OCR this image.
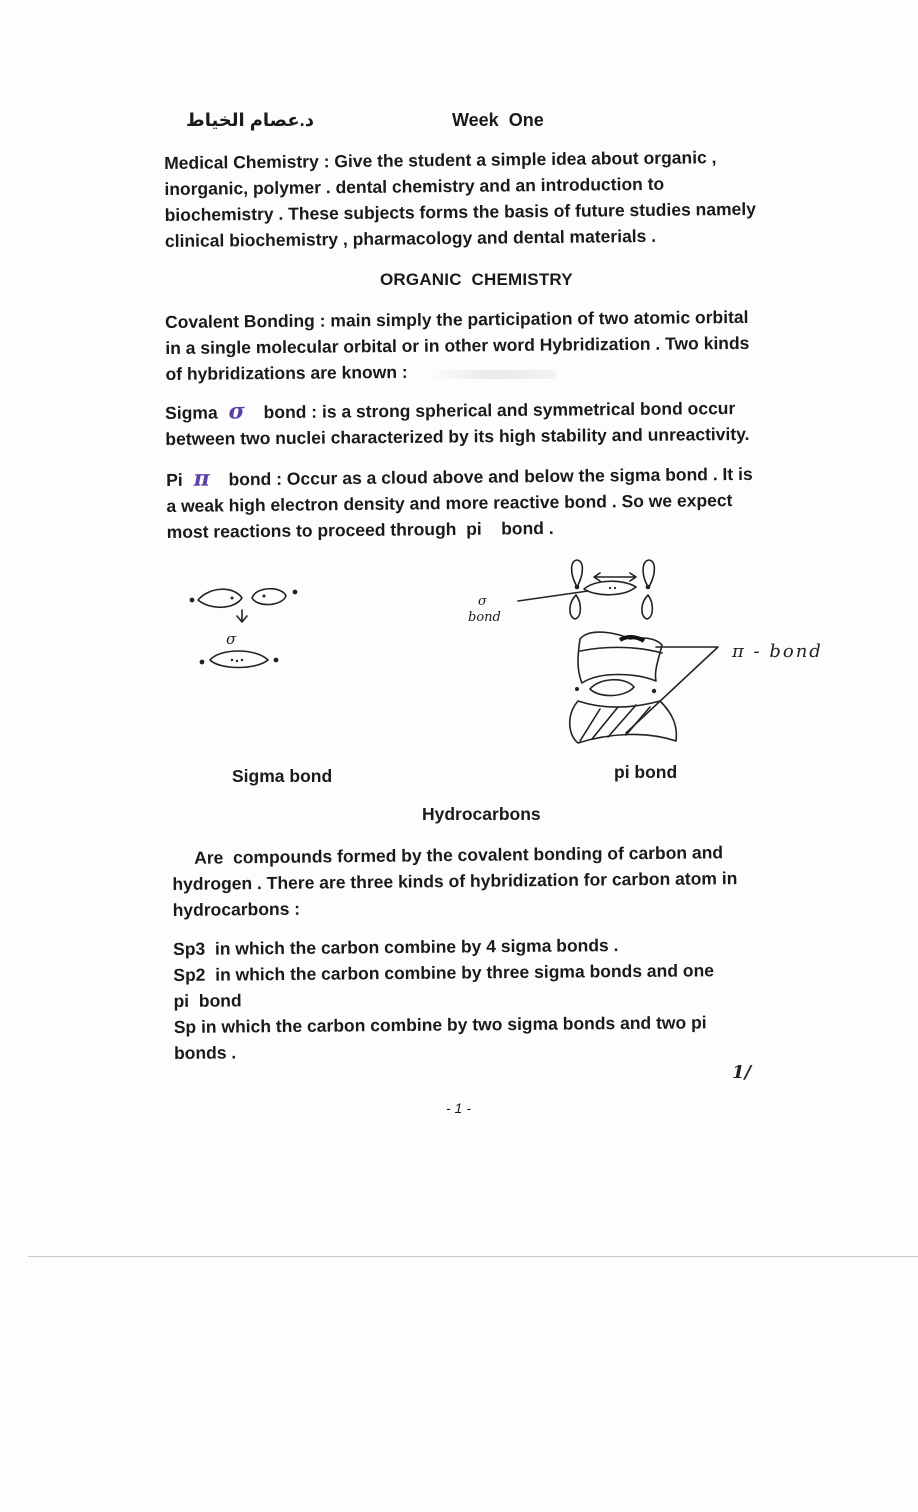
د.عصام الخياط	Week  One
Medical Chemistry : Give the student a simple idea about organic ,
inorganic, polymer . dental chemistry and an introduction to
biochemistry . These subjects forms the basis of future studies namely
clinical biochemistry , pharmacology and dental materials .
ORGANIC  CHEMISTRY
Covalent Bonding : main simply the participation of two atomic orbital
in a single molecular orbital or in other word Hybridization . Two kinds
of hybridizations are known :
Sigma σ bond : is a strong spherical and symmetrical bond occur
between two nuclei characterized by its high stability and unreactivity.
Pi π bond : Occur as a cloud above and below the sigma bond . It is
a weak high electron density and more reactive bond . So we expect
most reactions to proceed through  pi    bond .
σ
σ
bond
π - bond
Sigma bond	pi bond
Hydrocarbons
Are  compounds formed by the covalent bonding of carbon and
hydrogen . There are three kinds of hybridization for carbon atom in
hydrocarbons :
Sp3  in which the carbon combine by 4 sigma bonds .
Sp2  in which the carbon combine by three sigma bonds and one
pi  bond
Sp in which the carbon combine by two sigma bonds and two pi
bonds .
1/
- 1 -
